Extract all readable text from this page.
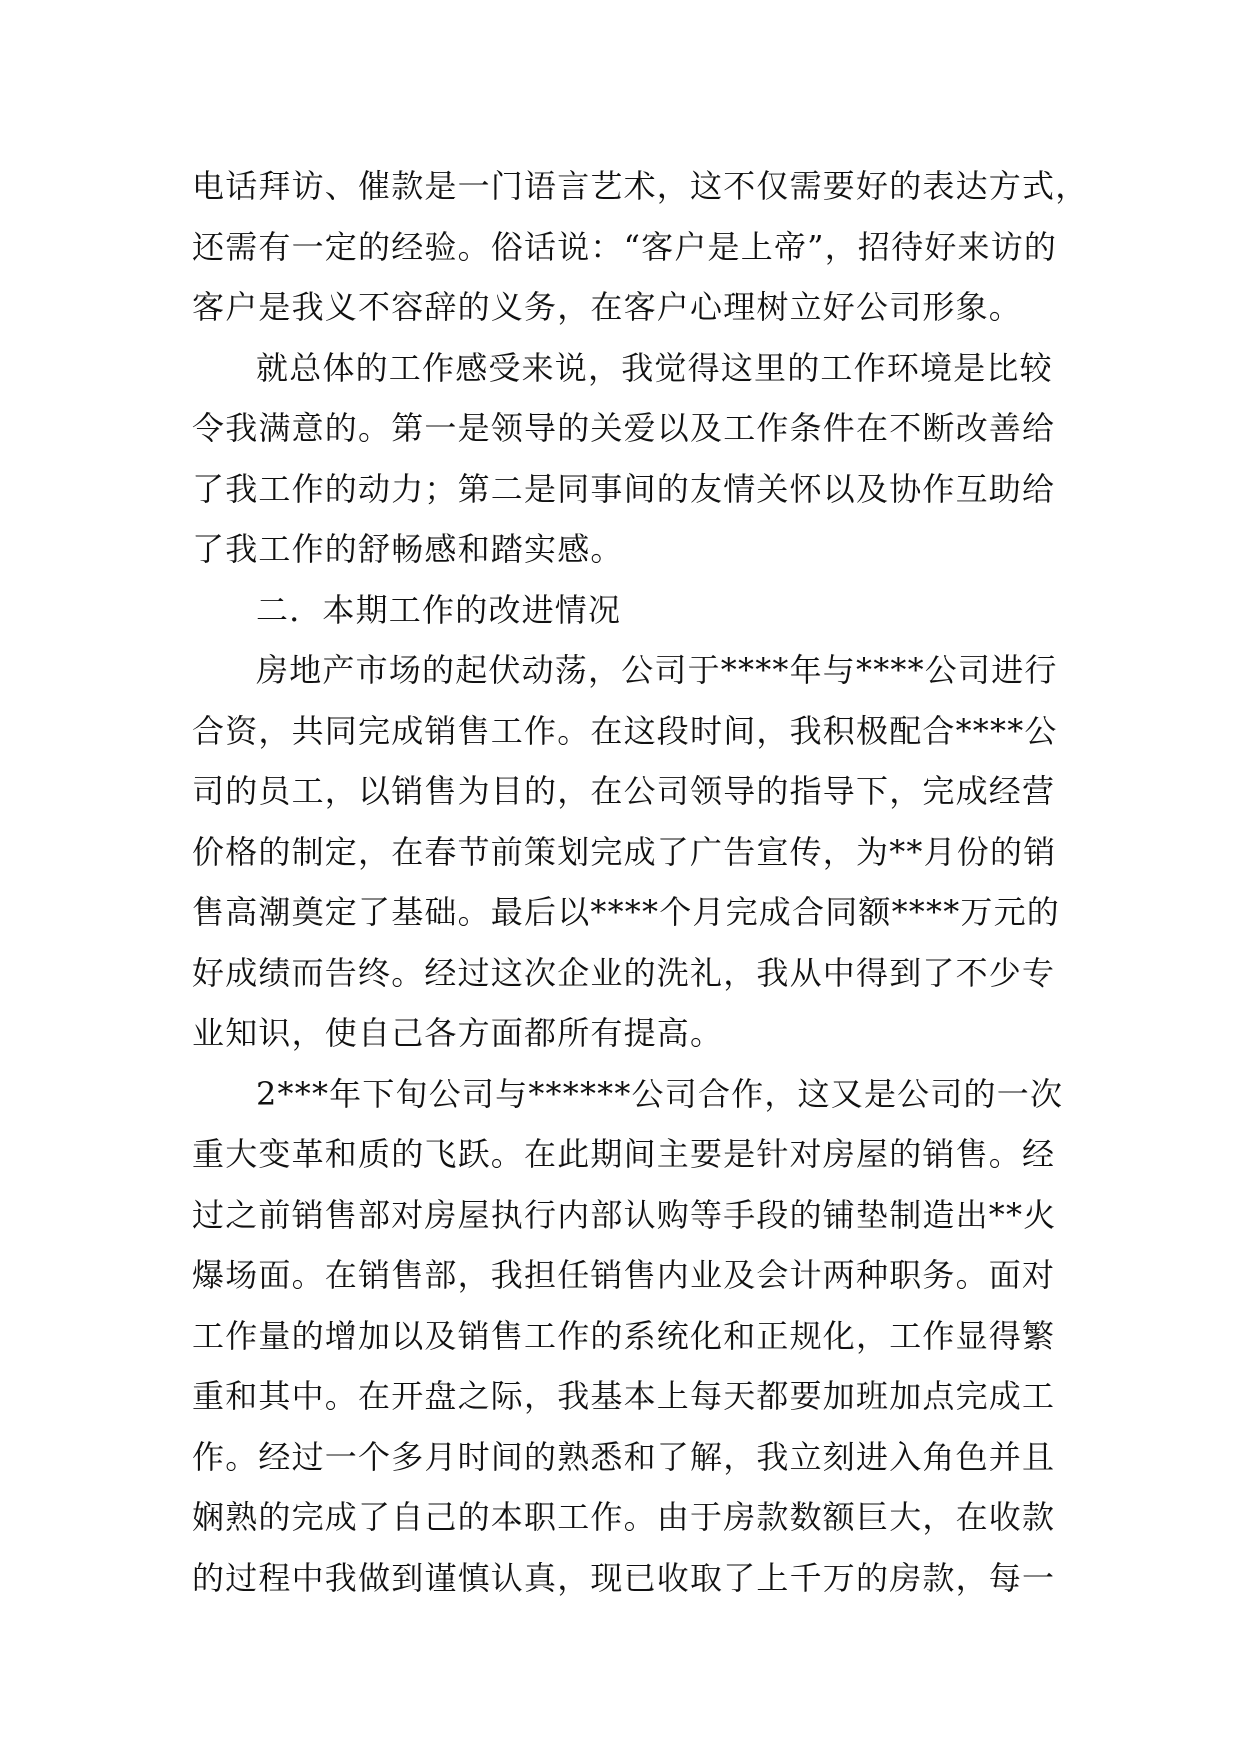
电话拜访、催款是一门语言艺术，这不仅需要好的表达方式，
还需有一定的经验。俗话说：“客户是上帝”，招待好来访的
客户是我义不容辞的义务，在客户心理树立好公司形象。

就总体的工作感受来说，我觉得这里的工作环境是比较
令我满意的。第一是领导的关爱以及工作条件在不断改善给
了我工作的动力；第二是同事间的友情关怀以及协作互助给
了我工作的舒畅感和踏实感。

二．本期工作的改进情况

房地产市场的起伏动荡，公司于****年与****公司进行
合资，共同完成销售工作。在这段时间，我积极配合****公
司的员工，以销售为目的，在公司领导的指导下，完成经营
价格的制定，在春节前策划完成了广告宣传，为**月份的销
售高潮奠定了基础。最后以****个月完成合同额****万元的
好成绩而告终。经过这次企业的洗礼，我从中得到了不少专
业知识，使自己各方面都所有提高。

2***年下旬公司与******公司合作，这又是公司的一次
重大变革和质的飞跃。在此期间主要是针对房屋的销售。经
过之前销售部对房屋执行内部认购等手段的铺垫制造出**火
爆场面。在销售部，我担任销售内业及会计两种职务。面对
工作量的增加以及销售工作的系统化和正规化，工作显得繁
重和其中。在开盘之际，我基本上每天都要加班加点完成工
作。经过一个多月时间的熟悉和了解，我立刻进入角色并且
娴熟的完成了自己的本职工作。由于房款数额巨大，在收款
的过程中我做到谨慎认真，现已收取了上千万的房款，每一
